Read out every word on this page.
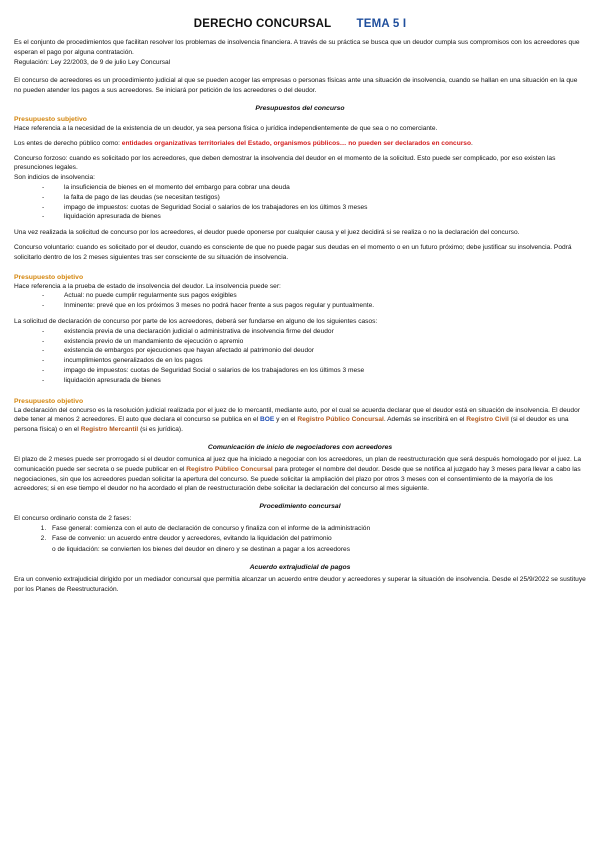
DERECHO CONCURSAL TEMA 5 I

Es el conjunto de procedimientos que facilitan resolver los problemas de insolvencia financiera. A través de su práctica se busca que un deudor cumpla sus compromisos con los acreedores que esperan el pago por alguna contratación.

Regulación: Ley 22/2003, de 9 de julio Ley Concursal

El concurso de acreedores es un procedimiento judicial al que se pueden acoger las empresas o personas físicas ante una situación de insolvencia, cuando se hallan en una situación en la que no pueden atender los pagos a sus acreedores. Se iniciará por petición de los acreedores o del deudor.

Presupuestos del concurso
Presupuesto subjetivo

Hace referencia a la necesidad de la existencia de un deudor, ya sea persona física o jurídica independientemente de que sea o no comerciante.

Los entes de derecho público como: entidades organizativas territoriales del Estado, organismos públicos… no pueden ser declarados en concurso.

Concurso forzoso: cuando es solicitado por los acreedores, que deben demostrar la insolvencia del deudor en el momento de la solicitud. Esto puede ser complicado, por eso existen las presunciones legales.

Son indicios de insolvencia:

- la insuficiencia de bienes en el momento del embargo para cobrar una deuda
- la falta de pago de las deudas (se necesitan testigos)
- impago de impuestos: cuotas de Seguridad Social o salarios de los trabajadores en los últimos 3 meses
- liquidación apresurada de bienes

Una vez realizada la solicitud de concurso por los acreedores, el deudor puede oponerse por cualquier causa y el juez decidirá si se realiza o no la declaración del concurso.

Concurso voluntario: cuando es solicitado por el deudor, cuando es consciente de que no puede pagar sus deudas en el momento o en un futuro próximo; debe justificar su insolvencia. Podrá solicitarlo dentro de los 2 meses siguientes tras ser consciente de su situación de insolvencia.

Presupuesto objetivo

Hace referencia a la prueba de estado de insolvencia del deudor. La insolvencia puede ser:

- Actual: no puede cumplir regularmente sus pagos exigibles
- Inminente: prevé que en los próximos 3 meses no podrá hacer frente a sus pagos regular y puntualmente.

La solicitud de declaración de concurso por parte de los acreedores, deberá ser fundarse en alguno de los siguientes casos:

- existencia previa de una declaración judicial o administrativa de insolvencia firme del deudor
- existencia previo de un mandamiento de ejecución o apremio
- existencia de embargos por ejecuciones que hayan afectado al patrimonio del deudor
- incumplimientos generalizados de en los pagos
- impago de impuestos: cuotas de Seguridad Social o salarios de los trabajadores en los últimos 3 mese
- liquidación apresurada de bienes
Presupuesto objetivo

La declaración del concurso es la resolución judicial realizada por el juez de lo mercantil, mediante auto, por el cual se acuerda declarar que el deudor está en situación de insolvencia. El deudor debe tener al menos 2 acreedores. El auto que declara el concurso se publica en el BOE y en el Registro Público Concursal. Además se inscribirá en el Registro Civil (si el deudor es una persona física) o en el Registro Mercantil (si es jurídica).

Comunicación de inicio de negociadores con acreedores

El plazo de 2 meses puede ser prorrogado si el deudor comunica al juez que ha iniciado a negociar con los acreedores, un plan de reestructuración que será después homologado por el juez. La comunicación puede ser secreta o se puede publicar en el Registro Público Concursal para proteger el nombre del deudor. Desde que se notifica al juzgado hay 3 meses para llevar a cabo las negociaciones, sin que los acreedores puedan solicitar la apertura del concurso. Se puede solicitar la ampliación del plazo por otros 3 meses con el consentimiento de la mayoría de los acreedores; si en ese tiempo el deudor no ha acordado el plan de reestructuración debe solicitar la declaración del concurso al mes siguiente.

Procedimiento concursal

El concurso ordinario consta de 2 fases:

1. Fase general: comienza con el auto de declaración de concurso y finaliza con el informe de la administración
2. Fase de convenio: un acuerdo entre deudor y acreedores, evitando la liquidación del patrimonio

o de liquidación: se convierten los bienes del deudor en dinero y se destinan a pagar a los acreedores

Acuerdo extrajudicial de pagos

Era un convenio extrajudicial dirigido por un mediador concursal que permitía alcanzar un acuerdo entre deudor y acreedores y superar la situación de insolvencia. Desde el 25/9/2022 se sustituye por los Planes de Reestructuración.
